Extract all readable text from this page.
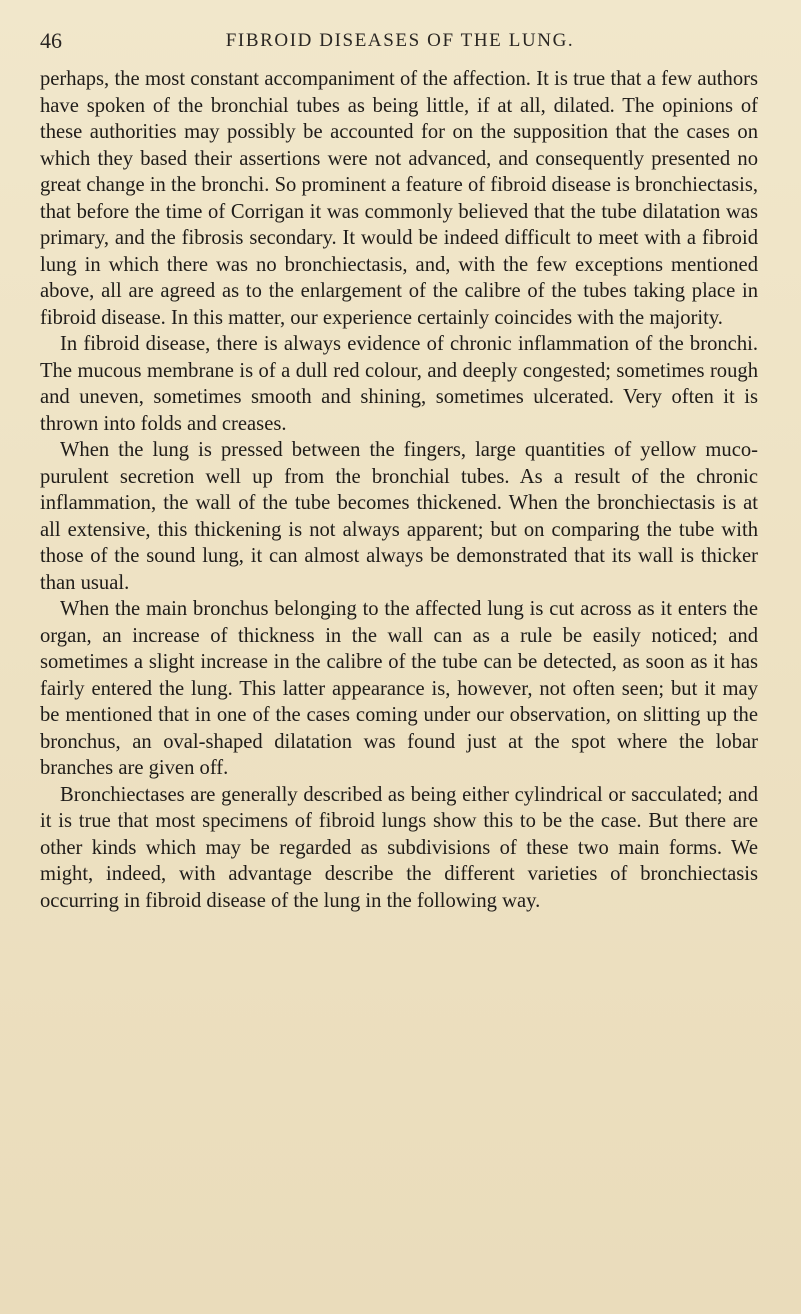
46	FIBROID DISEASES OF THE LUNG.

perhaps, the most constant accompaniment of the affection. It is true that a few authors have spoken of the bronchial tubes as being little, if at all, dilated. The opinions of these authorities may possibly be accounted for on the supposition that the cases on which they based their assertions were not advanced, and consequently presented no great change in the bronchi. So prominent a feature of fibroid disease is bronchiectasis, that before the time of Corrigan it was commonly believed that the tube dilatation was primary, and the fibrosis secondary. It would be indeed difficult to meet with a fibroid lung in which there was no bronchiectasis, and, with the few exceptions mentioned above, all are agreed as to the enlargement of the calibre of the tubes taking place in fibroid disease. In this matter, our experience certainly coincides with the majority.

In fibroid disease, there is always evidence of chronic inflammation of the bronchi. The mucous membrane is of a dull red colour, and deeply congested; sometimes rough and uneven, sometimes smooth and shining, sometimes ulcerated. Very often it is thrown into folds and creases.

When the lung is pressed between the fingers, large quantities of yellow muco-purulent secretion well up from the bronchial tubes. As a result of the chronic inflammation, the wall of the tube becomes thickened. When the bronchiectasis is at all extensive, this thickening is not always apparent; but on comparing the tube with those of the sound lung, it can almost always be demonstrated that its wall is thicker than usual.

When the main bronchus belonging to the affected lung is cut across as it enters the organ, an increase of thickness in the wall can as a rule be easily noticed; and sometimes a slight increase in the calibre of the tube can be detected, as soon as it has fairly entered the lung. This latter appearance is, however, not often seen; but it may be mentioned that in one of the cases coming under our observation, on slitting up the bronchus, an oval-shaped dilatation was found just at the spot where the lobar branches are given off.

Bronchiectases are generally described as being either cylindrical or sacculated; and it is true that most specimens of fibroid lungs show this to be the case. But there are other kinds which may be regarded as subdivisions of these two main forms. We might, indeed, with advantage describe the different varieties of bronchiectasis occurring in fibroid disease of the lung in the following way.
